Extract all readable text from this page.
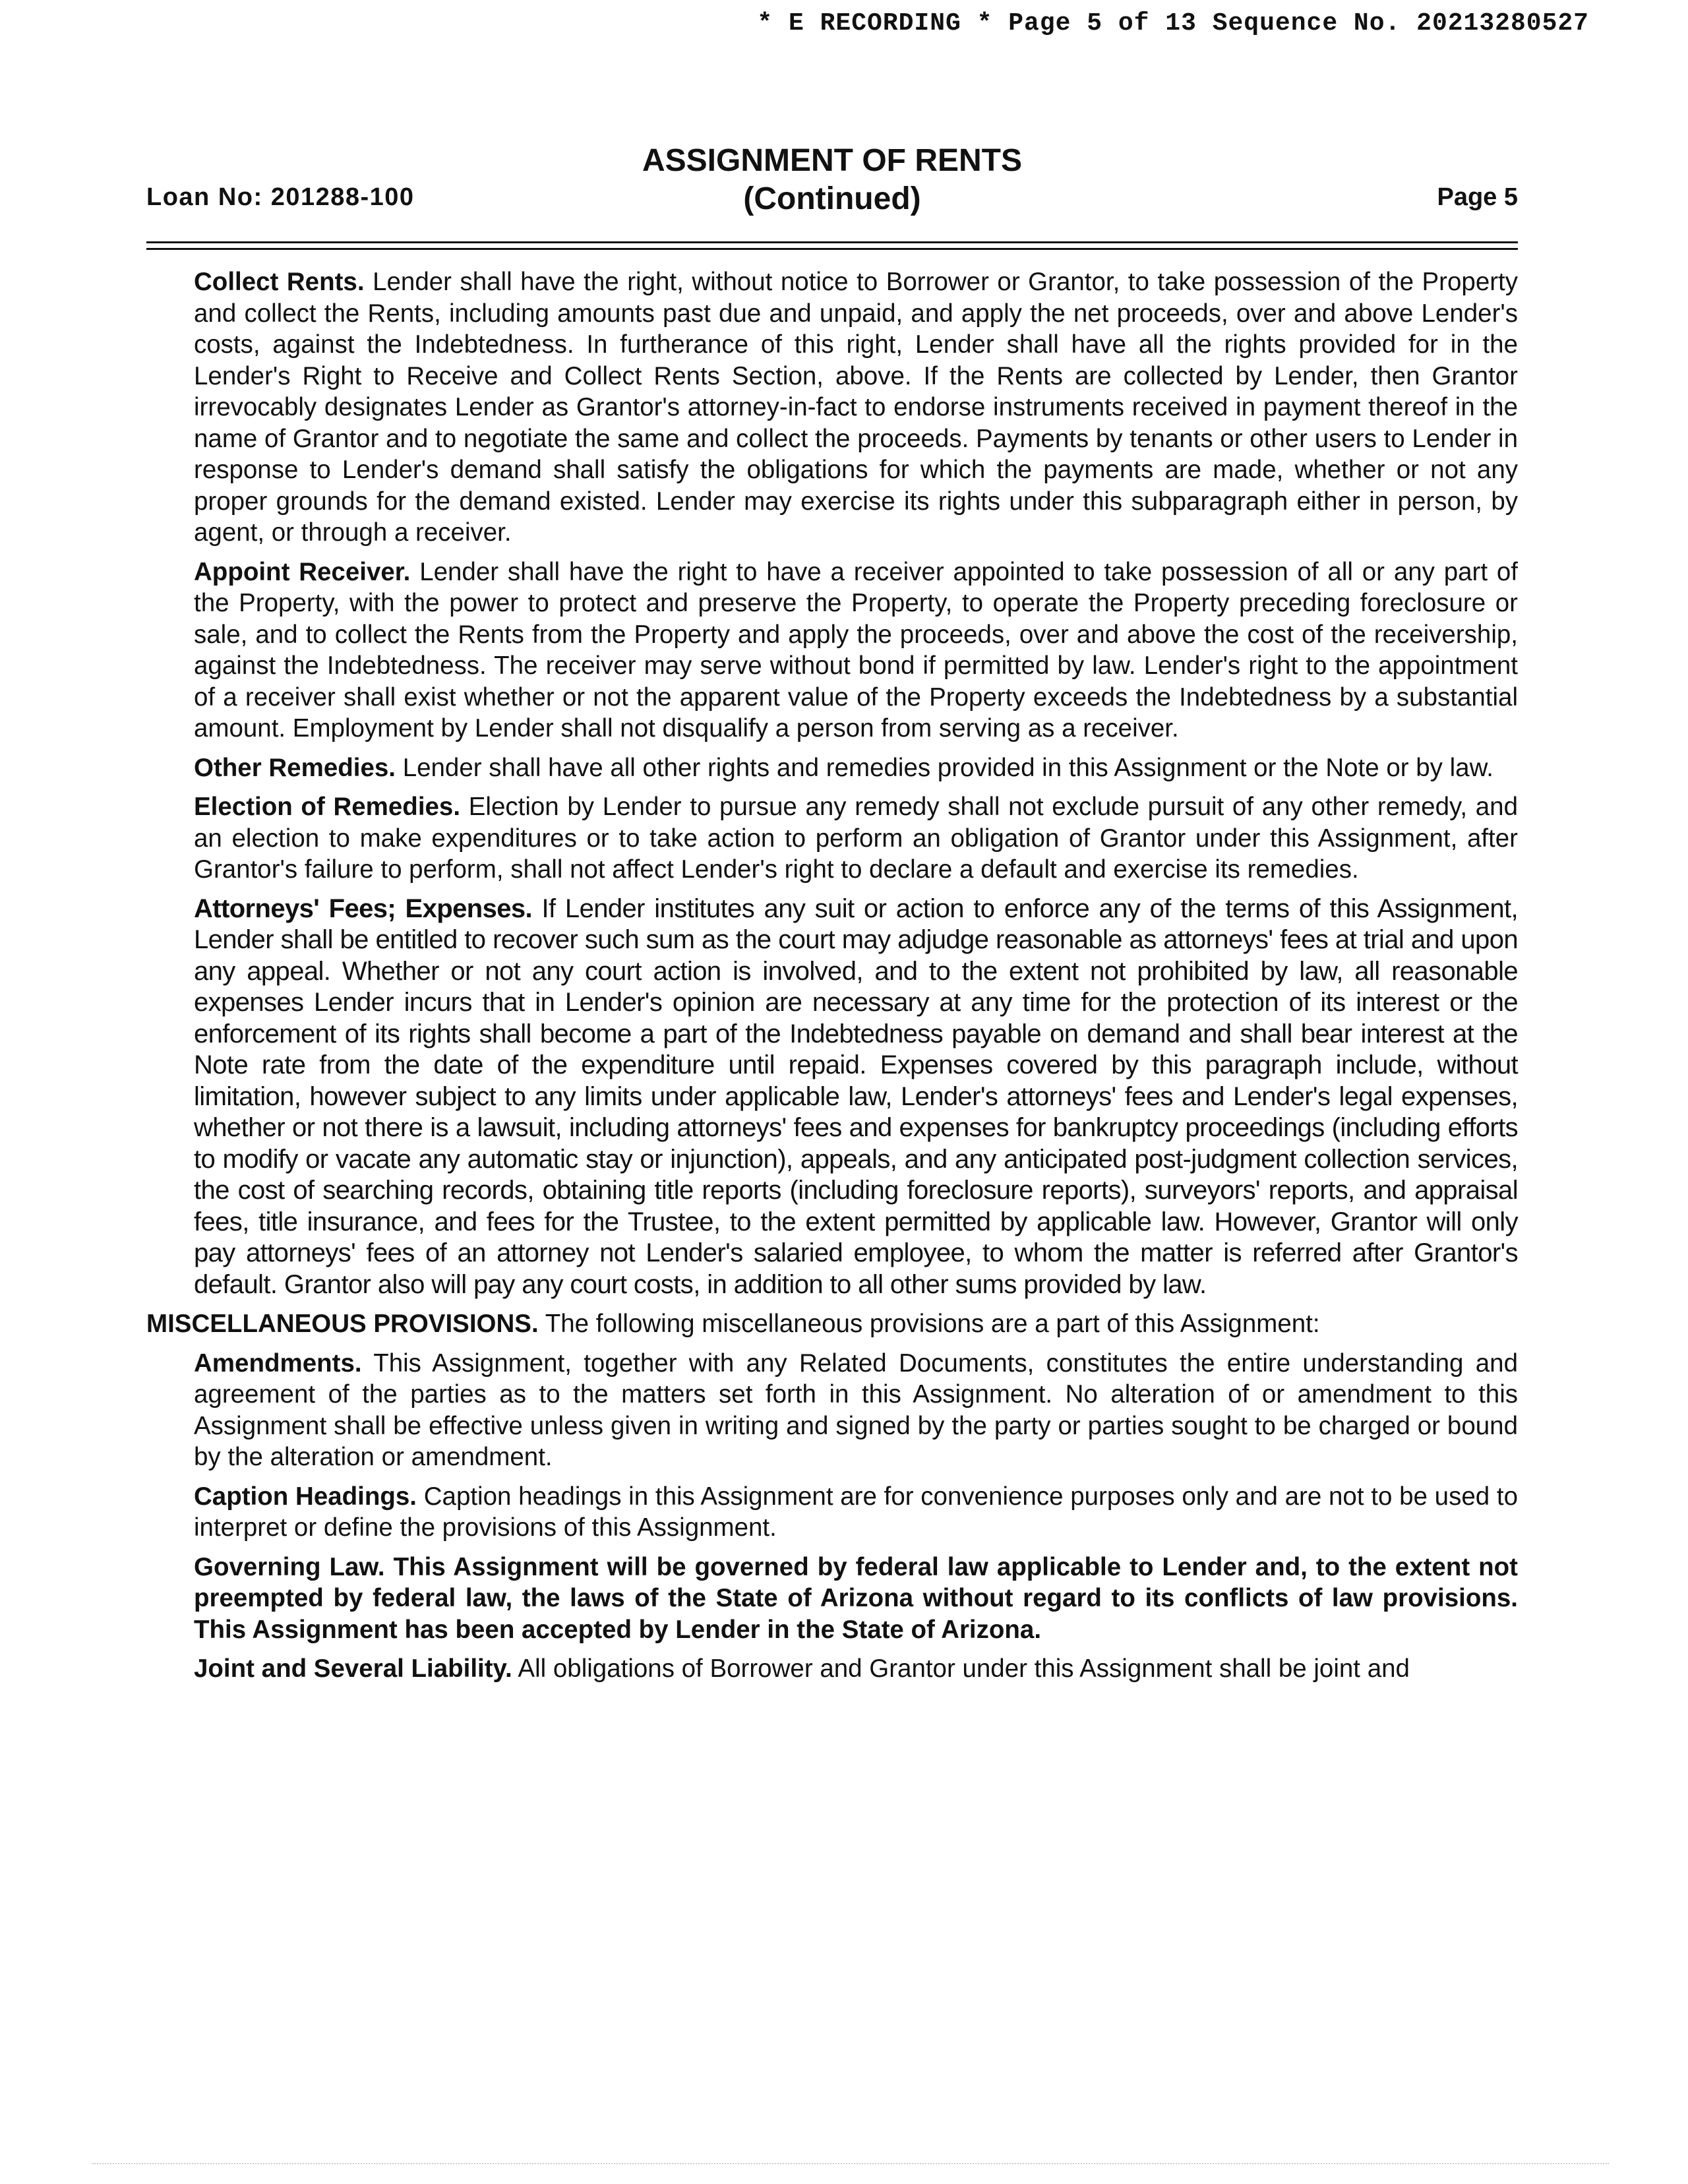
* E RECORDING * Page 5 of 13 Sequence No. 20213280527
Loan No: 201288-100
ASSIGNMENT OF RENTS
(Continued)	Page 5

Collect Rents. Lender shall have the right, without notice to Borrower or Grantor, to take possession of the Property and collect the Rents, including amounts past due and unpaid, and apply the net proceeds, over and above Lender's costs, against the Indebtedness. In furtherance of this right, Lender shall have all the rights provided for in the Lender's Right to Receive and Collect Rents Section, above. If the Rents are collected by Lender, then Grantor irrevocably designates Lender as Grantor's attorney-in-fact to endorse instruments received in payment thereof in the name of Grantor and to negotiate the same and collect the proceeds. Payments by tenants or other users to Lender in response to Lender's demand shall satisfy the obligations for which the payments are made, whether or not any proper grounds for the demand existed. Lender may exercise its rights under this subparagraph either in person, by agent, or through a receiver.

Appoint Receiver. Lender shall have the right to have a receiver appointed to take possession of all or any part of the Property, with the power to protect and preserve the Property, to operate the Property preceding foreclosure or sale, and to collect the Rents from the Property and apply the proceeds, over and above the cost of the receivership, against the Indebtedness. The receiver may serve without bond if permitted by law. Lender's right to the appointment of a receiver shall exist whether or not the apparent value of the Property exceeds the Indebtedness by a substantial amount. Employment by Lender shall not disqualify a person from serving as a receiver.

Other Remedies. Lender shall have all other rights and remedies provided in this Assignment or the Note or by law.

Election of Remedies. Election by Lender to pursue any remedy shall not exclude pursuit of any other remedy, and an election to make expenditures or to take action to perform an obligation of Grantor under this Assignment, after Grantor's failure to perform, shall not affect Lender's right to declare a default and exercise its remedies.

Attorneys' Fees; Expenses. If Lender institutes any suit or action to enforce any of the terms of this Assignment, Lender shall be entitled to recover such sum as the court may adjudge reasonable as attorneys' fees at trial and upon any appeal. Whether or not any court action is involved, and to the extent not prohibited by law, all reasonable expenses Lender incurs that in Lender's opinion are necessary at any time for the protection of its interest or the enforcement of its rights shall become a part of the Indebtedness payable on demand and shall bear interest at the Note rate from the date of the expenditure until repaid. Expenses covered by this paragraph include, without limitation, however subject to any limits under applicable law, Lender's attorneys' fees and Lender's legal expenses, whether or not there is a lawsuit, including attorneys' fees and expenses for bankruptcy proceedings (including efforts to modify or vacate any automatic stay or injunction), appeals, and any anticipated post-judgment collection services, the cost of searching records, obtaining title reports (including foreclosure reports), surveyors' reports, and appraisal fees, title insurance, and fees for the Trustee, to the extent permitted by applicable law. However, Grantor will only pay attorneys' fees of an attorney not Lender's salaried employee, to whom the matter is referred after Grantor's default. Grantor also will pay any court costs, in addition to all other sums provided by law.

MISCELLANEOUS PROVISIONS. The following miscellaneous provisions are a part of this Assignment:

Amendments. This Assignment, together with any Related Documents, constitutes the entire understanding and agreement of the parties as to the matters set forth in this Assignment. No alteration of or amendment to this Assignment shall be effective unless given in writing and signed by the party or parties sought to be charged or bound by the alteration or amendment.

Caption Headings. Caption headings in this Assignment are for convenience purposes only and are not to be used to interpret or define the provisions of this Assignment.

Governing Law. This Assignment will be governed by federal law applicable to Lender and, to the extent not preempted by federal law, the laws of the State of Arizona without regard to its conflicts of law provisions. This Assignment has been accepted by Lender in the State of Arizona.

Joint and Several Liability. All obligations of Borrower and Grantor under this Assignment shall be joint and
